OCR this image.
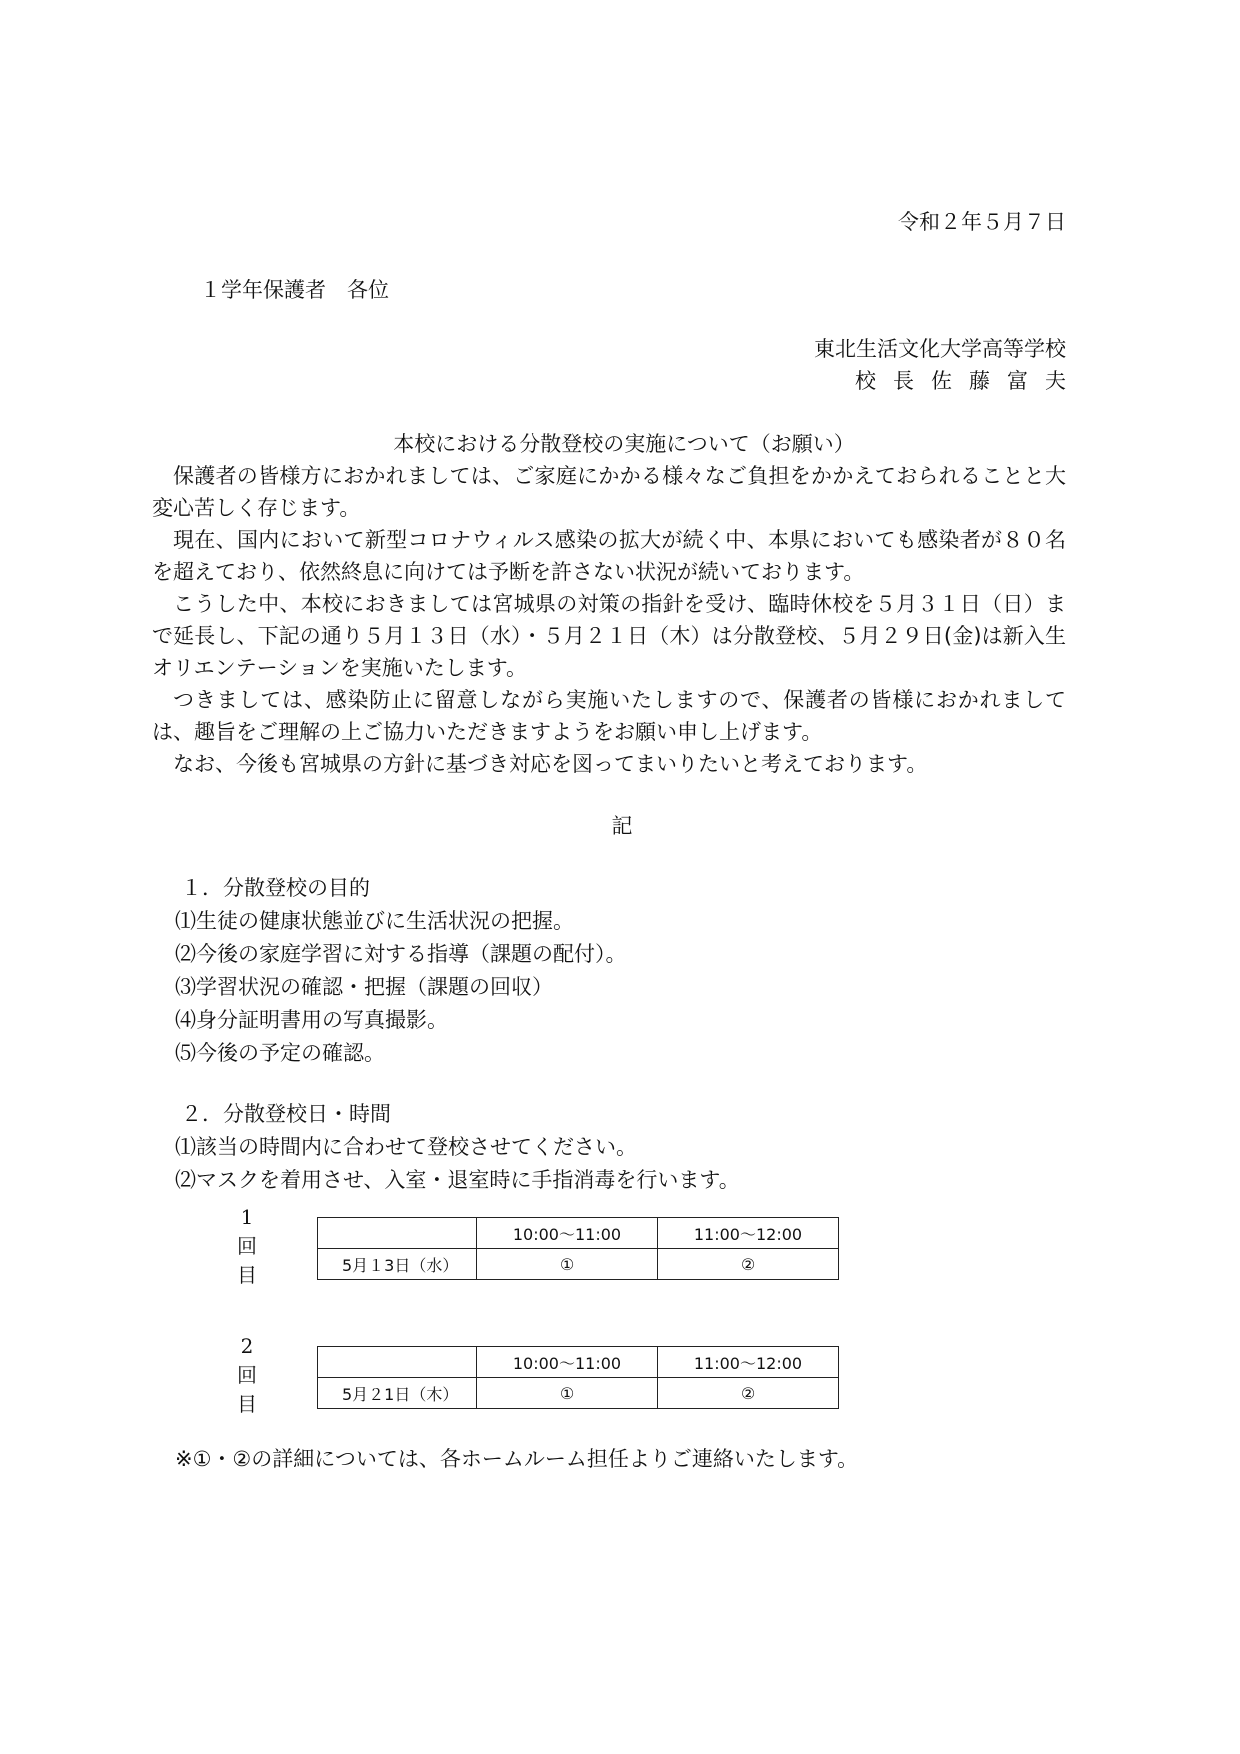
令和２年５月７日
１学年保護者　各位
東北生活文化大学高等学校
校長佐藤富夫
本校における分散登校の実施について（お願い）
保護者の皆様方におかれましては、ご家庭にかかる様々なご負担をかかえておられることと大変心苦しく存じます。
現在、国内において新型コロナウィルス感染の拡大が続く中、本県においても感染者が８０名を超えており、依然終息に向けては予断を許さない状況が続いております。
こうした中、本校におきましては宮城県の対策の指針を受け、臨時休校を５月３１日（日）まで延長し、下記の通り５月１３日（水）・５月２１日（木）は分散登校、５月２９日(金)は新入生オリエンテーションを実施いたします。
つきましては、感染防止に留意しながら実施いたしますので、保護者の皆様におかれましては、趣旨をご理解の上ご協力いただきますようをお願い申し上げます。
なお、今後も宮城県の方針に基づき対応を図ってまいりたいと考えております。
記
１．分散登校の目的
⑴生徒の健康状態並びに生活状況の把握。
⑵今後の家庭学習に対する指導（課題の配付）。
⑶学習状況の確認・把握（課題の回収）
⑷身分証明書用の写真撮影。
⑸今後の予定の確認。
２．分散登校日・時間
⑴該当の時間内に合わせて登校させてください。
⑵マスクを着用させ、入室・退室時に手指消毒を行います。
1
回
目
	10:00～11:00	11:00～12:00
5月１3日（水）	①	②
2
回
目
	10:00～11:00	11:00～12:00
5月２1日（木）	①	②
※①・②の詳細については、各ホームルーム担任よりご連絡いたします。
